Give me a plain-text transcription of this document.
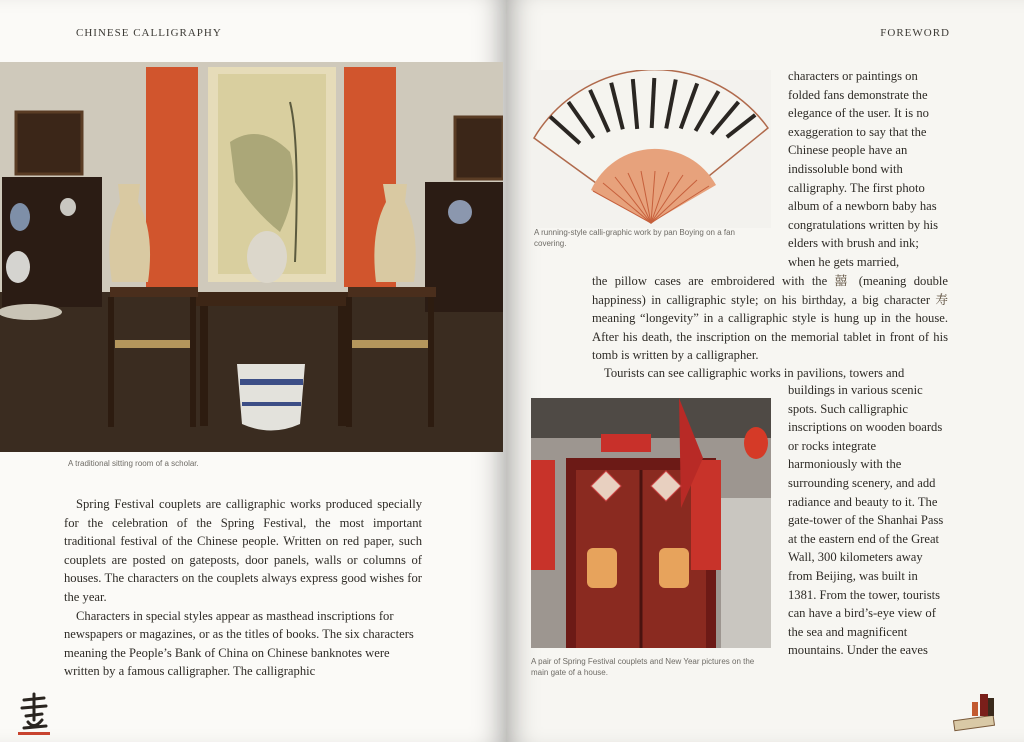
CHINESE CALLIGRAPHY
A traditional sitting room of a scholar.

Spring Festival couplets are calligraphic works produced specially for the celebration of the Spring Festival, the most important traditional festival of the Chinese people. Written on red paper, such couplets are posted on gateposts, door panels, walls or columns of houses. The characters on the couplets always express good wishes for the year.

Characters in special styles appear as masthead inscriptions for newspapers or magazines, or as the titles of books. The six characters meaning the People’s Bank of China on Chinese banknotes were written by a famous calligrapher. The calligraphic

FOREWORD
A running-style calli-graphic work by pan Boying on a fan covering.
characters or paintings on folded fans demonstrate the elegance of the user. It is no exaggeration to say that the Chinese people have an indissoluble bond with calligraphy. The first photo album of a newborn baby has congratulations written by his elders with brush and ink; when he gets married,
the pillow cases are embroidered with the 囍 (meaning double happiness) in calligraphic style; on his birthday, a big character 寿 meaning “longevity” in a calligraphic style is hung up in the house. After his death, the inscription on the memorial tablet in front of his tomb is written by a calligrapher.
Tourists can see calligraphic works in pavilions, towers and
A pair of Spring Festival couplets and New Year pictures on the main gate of a house.
buildings in various scenic spots. Such calligraphic inscriptions on wooden boards or rocks integrate harmoniously with the surrounding scenery, and add radiance and beauty to it. The gate-tower of the Shanhai Pass at the eastern end of the Great Wall, 300 kilometers away from Beijing, was built in 1381. From the tower, tourists can have a bird’s-eye view of the sea and magnificent mountains. Under the eaves
